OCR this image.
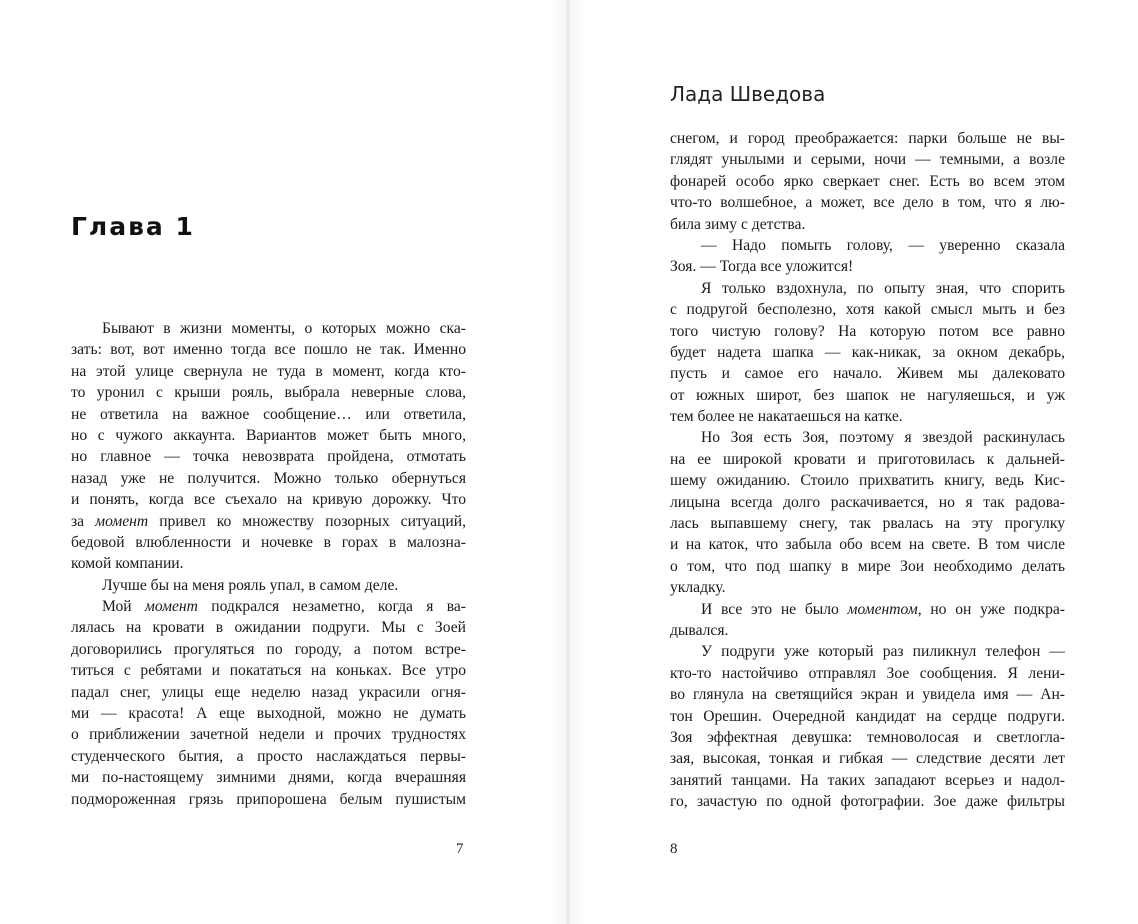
Глава 1
Бывают в жизни моменты, о которых можно ска-
зать: вот, вот именно тогда все пошло не так. Именно
на этой улице свернула не туда в момент, когда кто-
то уронил с крыши рояль, выбрала неверные слова,
не ответила на важное сообщение… или ответила,
но с чужого аккаунта. Вариантов может быть много,
но главное — точка невозврата пройдена, отмотать
назад уже не получится. Можно только обернуться
и понять, когда все съехало на кривую дорожку. Что
за момент привел ко множеству позорных ситуаций,
бедовой влюбленности и ночевке в горах в малозна-
комой компании.
Лучше бы на меня рояль упал, в самом деле.
Мой момент подкрался незаметно, когда я ва-
лялась на кровати в ожидании подруги. Мы с Зоей
договорились прогуляться по городу, а потом встре-
титься с ребятами и покататься на коньках. Все утро
падал снег, улицы еще неделю назад украсили огня-
ми — красота! А еще выходной, можно не думать
о приближении зачетной недели и прочих трудностях
студенческого бытия, а просто наслаждаться первы-
ми по-настоящему зимними днями, когда вчерашняя
подмороженная грязь припорошена белым пушистым
7
Лада Шведова
снегом, и город преображается: парки больше не вы-
глядят унылыми и серыми, ночи — темными, а возле
фонарей особо ярко сверкает снег. Есть во всем этом
что-то волшебное, а может, все дело в том, что я лю-
била зиму с детства.
— Надо помыть голову, — уверенно сказала
Зоя. — Тогда все уложится!
Я только вздохнула, по опыту зная, что спорить
с подругой бесполезно, хотя какой смысл мыть и без
того чистую голову? На которую потом все равно
будет надета шапка — как-никак, за окном декабрь,
пусть и самое его начало. Живем мы далековато
от южных широт, без шапок не нагуляешься, и уж
тем более не накатаешься на катке.
Но Зоя есть Зоя, поэтому я звездой раскинулась
на ее широкой кровати и приготовилась к дальней-
шему ожиданию. Стоило прихватить книгу, ведь Кис-
лицына всегда долго раскачивается, но я так радова-
лась выпавшему снегу, так рвалась на эту прогулку
и на каток, что забыла обо всем на свете. В том числе
о том, что под шапку в мире Зои необходимо делать
укладку.
И все это не было моментом, но он уже подкра-
дывался.
У подруги уже который раз пиликнул телефон —
кто-то настойчиво отправлял Зое сообщения. Я лени-
во глянула на светящийся экран и увидела имя — Ан-
тон Орешин. Очередной кандидат на сердце подруги.
Зоя эффектная девушка: темноволосая и светлогла-
зая, высокая, тонкая и гибкая — следствие десяти лет
занятий танцами. На таких западают всерьез и надол-
го, зачастую по одной фотографии. Зое даже фильтры
8
